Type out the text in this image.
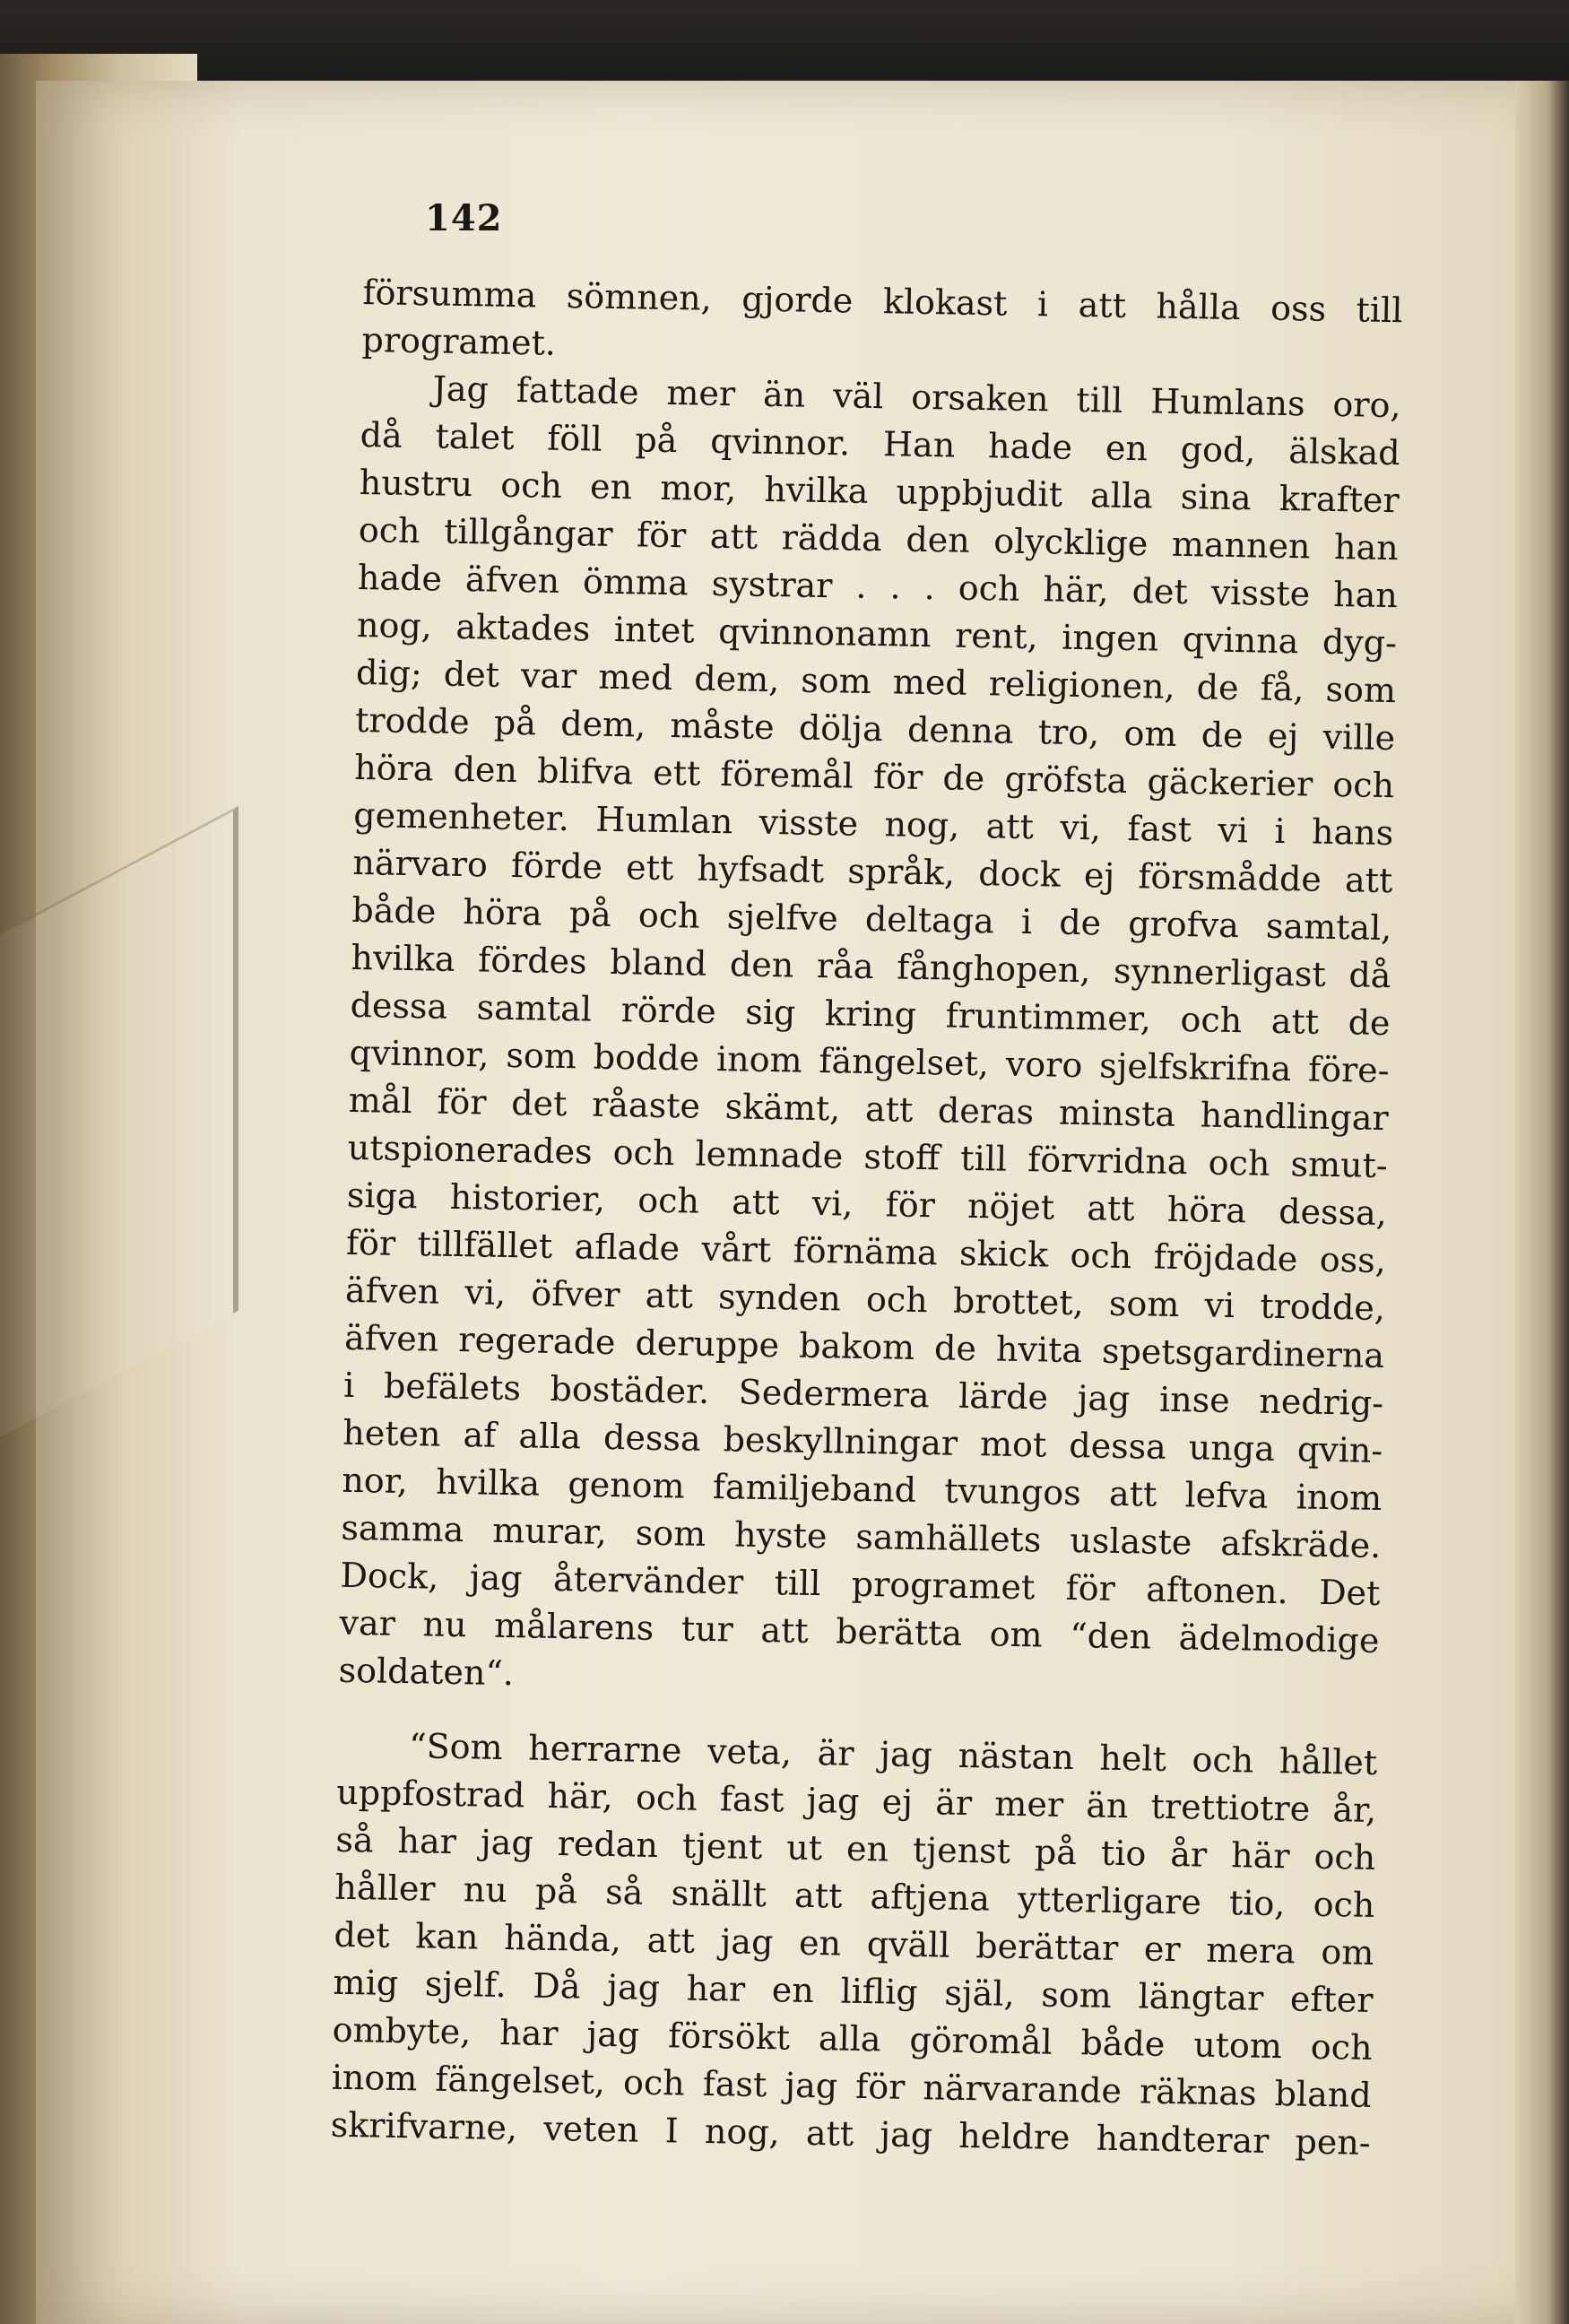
142
försumma sömnen, gjorde klokast i att hålla oss till
programet.
Jag fattade mer än väl orsaken till Humlans oro,
då talet föll på qvinnor. Han hade en god, älskad
hustru och en mor, hvilka uppbjudit alla sina krafter
och tillgångar för att rädda den olycklige mannen han
hade äfven ömma systrar . . . och här, det visste han
nog, aktades intet qvinnonamn rent, ingen qvinna dyg-
dig; det var med dem, som med religionen, de få, som
trodde på dem, måste dölja denna tro, om de ej ville
höra den blifva ett föremål för de gröfsta gäckerier och
gemenheter. Humlan visste nog, att vi, fast vi i hans
närvaro förde ett hyfsadt språk, dock ej försmådde att
både höra på och sjelfve deltaga i de grofva samtal,
hvilka fördes bland den råa fånghopen, synnerligast då
dessa samtal rörde sig kring fruntimmer, och att de
qvinnor, som bodde inom fängelset, voro sjelfskrifna före-
mål för det råaste skämt, att deras minsta handlingar
utspionerades och lemnade stoff till förvridna och smut-
siga historier, och att vi, för nöjet att höra dessa,
för tillfället aflade vårt förnäma skick och fröjdade oss,
äfven vi, öfver att synden och brottet, som vi trodde,
äfven regerade deruppe bakom de hvita spetsgardinerna
i befälets bostäder. Sedermera lärde jag inse nedrig-
heten af alla dessa beskyllningar mot dessa unga qvin-
nor, hvilka genom familjeband tvungos att lefva inom
samma murar, som hyste samhällets uslaste afskräde.
Dock, jag återvänder till programet för aftonen. Det
var nu målarens tur att berätta om “den ädelmodige
soldaten“.
“Som herrarne veta, är jag nästan helt och hållet
uppfostrad här, och fast jag ej är mer än trettiotre år,
så har jag redan tjent ut en tjenst på tio år här och
håller nu på så snällt att aftjena ytterligare tio, och
det kan hända, att jag en qväll berättar er mera om
mig sjelf. Då jag har en liflig själ, som längtar efter
ombyte, har jag försökt alla göromål både utom och
inom fängelset, och fast jag för närvarande räknas bland
skrifvarne, veten I nog, att jag heldre handterar pen-
